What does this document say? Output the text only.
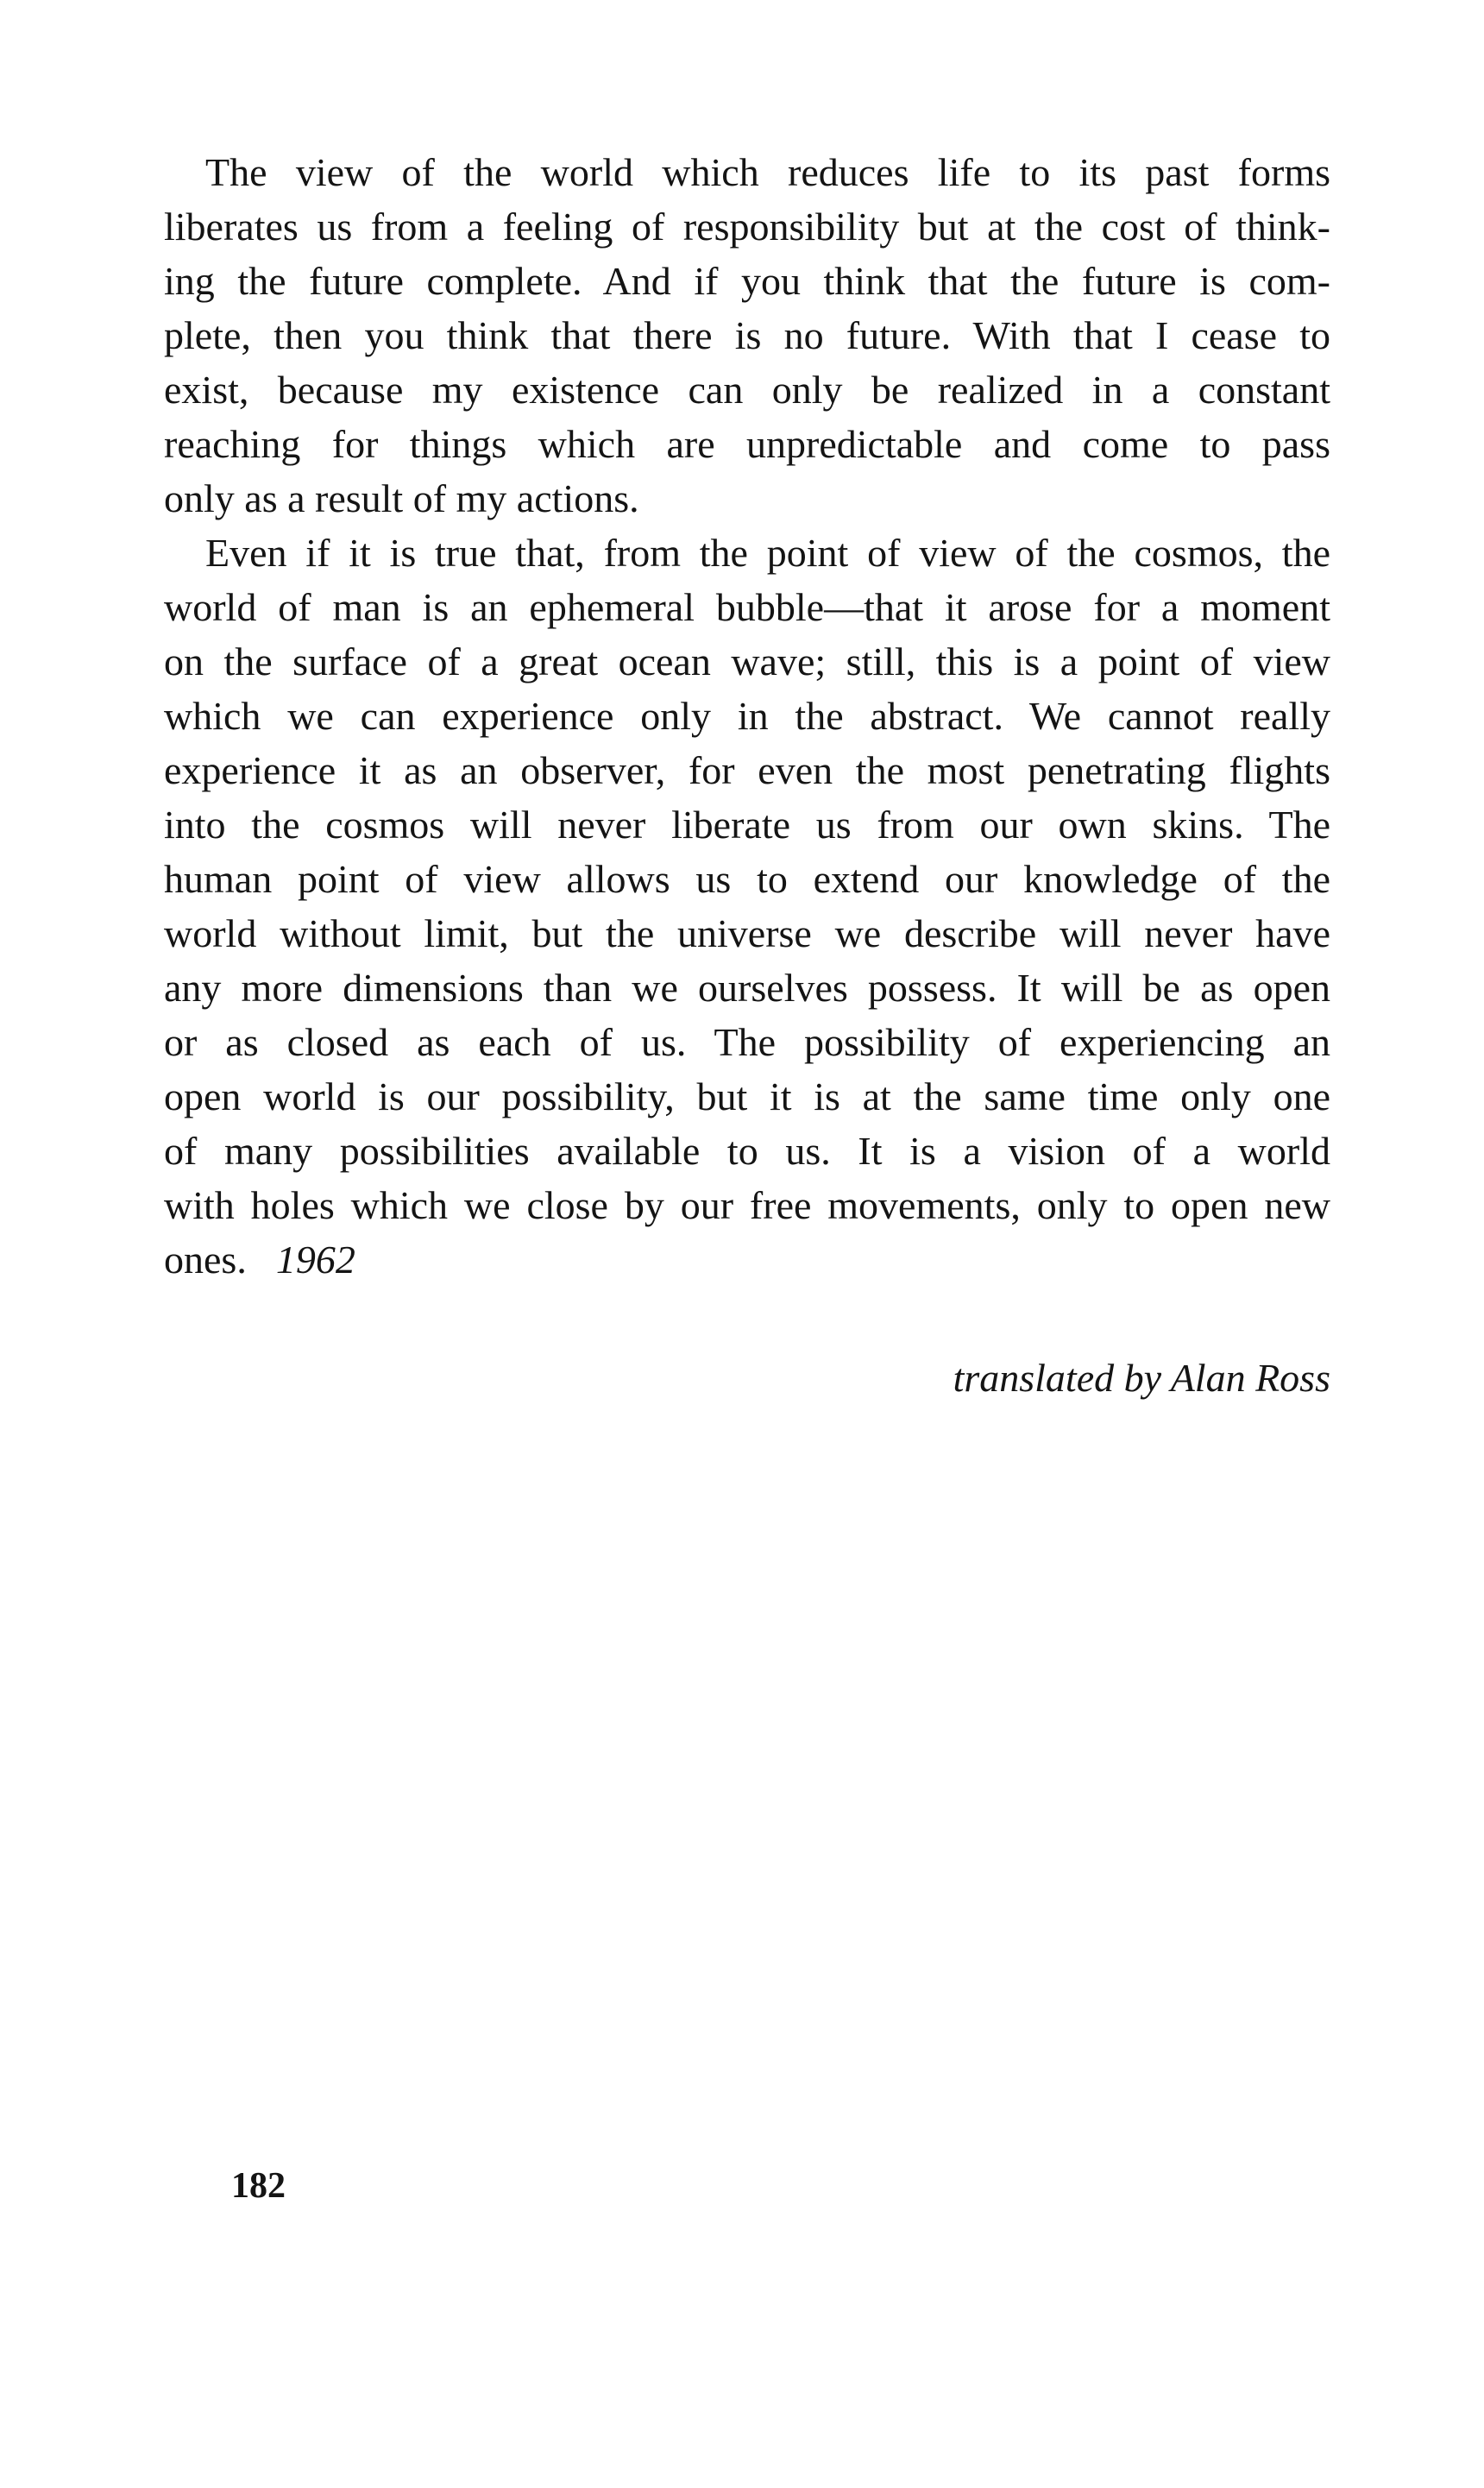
The view of the world which reduces life to its past forms
liberates us from a feeling of responsibility but at the cost of think-
ing the future complete. And if you think that the future is com-
plete, then you think that there is no future. With that I cease to
exist, because my existence can only be realized in a constant
reaching for things which are unpredictable and come to pass
only as a result of my actions.
Even if it is true that, from the point of view of the cosmos, the
world of man is an ephemeral bubble—that it arose for a moment
on the surface of a great ocean wave; still, this is a point of view
which we can experience only in the abstract. We cannot really
experience it as an observer, for even the most penetrating flights
into the cosmos will never liberate us from our own skins. The
human point of view allows us to extend our knowledge of the
world without limit, but the universe we describe will never have
any more dimensions than we ourselves possess. It will be as open
or as closed as each of us. The possibility of experiencing an
open world is our possibility, but it is at the same time only one
of many possibilities available to us. It is a vision of a world
with holes which we close by our free movements, only to open new
ones. 1962
translated by Alan Ross
182
